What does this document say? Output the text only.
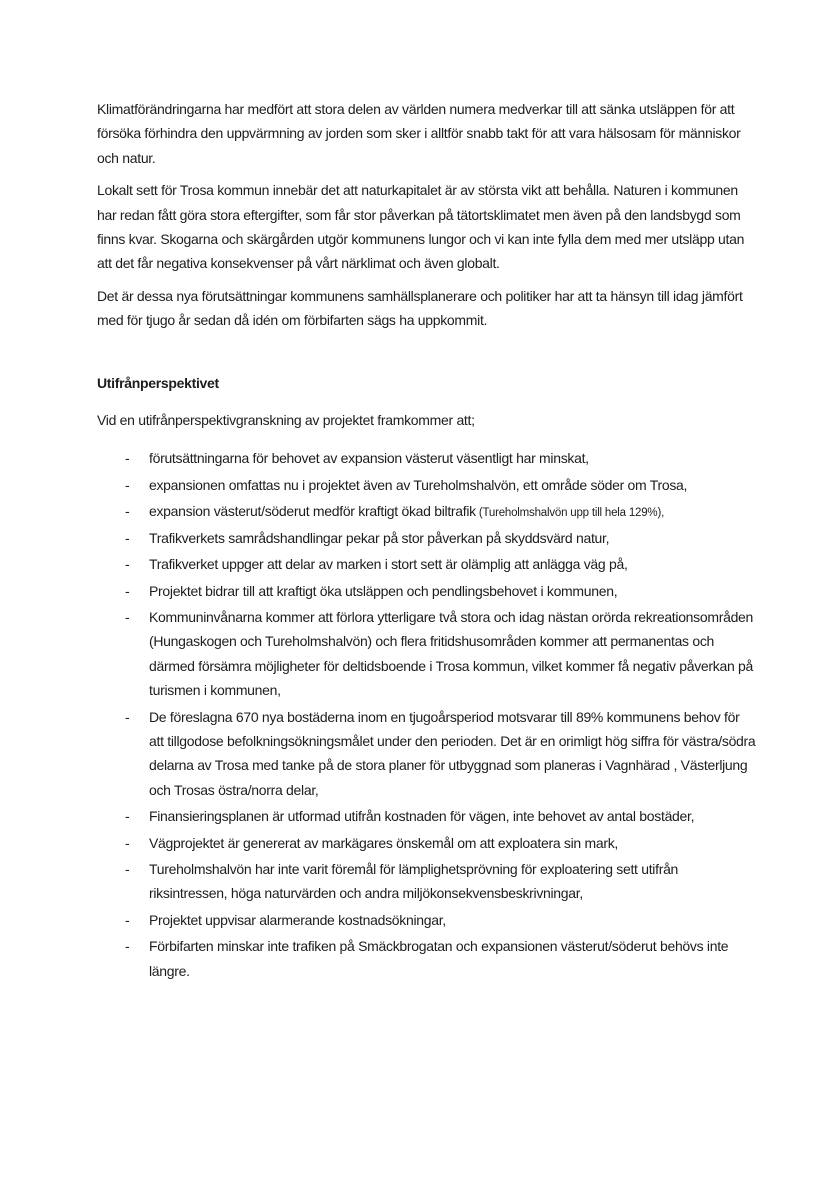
Klimatförändringarna har medfört att stora delen av världen numera medverkar till att sänka utsläppen för att försöka förhindra den uppvärmning av jorden som sker i alltför snabb takt för att vara hälsosam för människor och natur.

Lokalt sett för Trosa kommun innebär det att naturkapitalet är av största vikt att behålla. Naturen i kommunen har redan fått göra stora eftergifter, som får stor påverkan på tätortsklimatet men även på den landsbygd som finns kvar. Skogarna och skärgården utgör kommunens lungor och vi kan inte fylla dem med mer utsläpp utan att det får negativa konsekvenser på vårt närklimat och även globalt.

Det är dessa nya förutsättningar kommunens samhällsplanerare och politiker har att ta hänsyn till idag jämfört med för tjugo år sedan då idén om förbifarten sägs ha uppkommit.

Utifrånperspektivet

Vid en utifrånperspektivgranskning av projektet framkommer att;

-	förutsättningarna för behovet av expansion västerut väsentligt har minskat,
-	expansionen omfattas nu i projektet även av Tureholmshalvön, ett område söder om Trosa,
-	expansion västerut/söderut medför kraftigt ökad biltrafik (Tureholmshalvön upp till hela 129%),
-	Trafikverkets samrådshandlingar pekar på stor påverkan på skyddsvärd natur,
-	Trafikverket uppger att delar av marken i stort sett är olämplig att anlägga väg på,
-	Projektet bidrar till att kraftigt öka utsläppen och pendlingsbehovet i kommunen,
-	Kommuninvånarna kommer att förlora ytterligare två stora och idag nästan orörda rekreationsområden (Hungaskogen och Tureholmshalvön) och flera fritidshusområden kommer att permanentas och därmed försämra möjligheter för deltidsboende i Trosa kommun, vilket kommer få negativ påverkan på turismen i kommunen,
-	De föreslagna 670 nya bostäderna inom en tjugoårsperiod motsvarar till 89% kommunens behov för att tillgodose befolkningsökningsmålet under den perioden. Det är en orimligt hög siffra för västra/södra delarna av Trosa med tanke på de stora planer för utbyggnad som planeras i Vagnhärad , Västerljung och Trosas östra/norra delar,
-	Finansieringsplanen är utformad utifrån kostnaden för vägen, inte behovet av antal bostäder,
-	Vägprojektet är genererat av markägares önskemål om att exploatera sin mark,
-	Tureholmshalvön har inte varit föremål för lämplighetsprövning för exploatering sett utifrån riksintressen, höga naturvärden och andra miljökonsekvensbeskrivningar,
-	Projektet uppvisar alarmerande kostnadsökningar,
-	Förbifarten minskar inte trafiken på Smäckbrogatan och expansionen västerut/söderut behövs inte längre.
